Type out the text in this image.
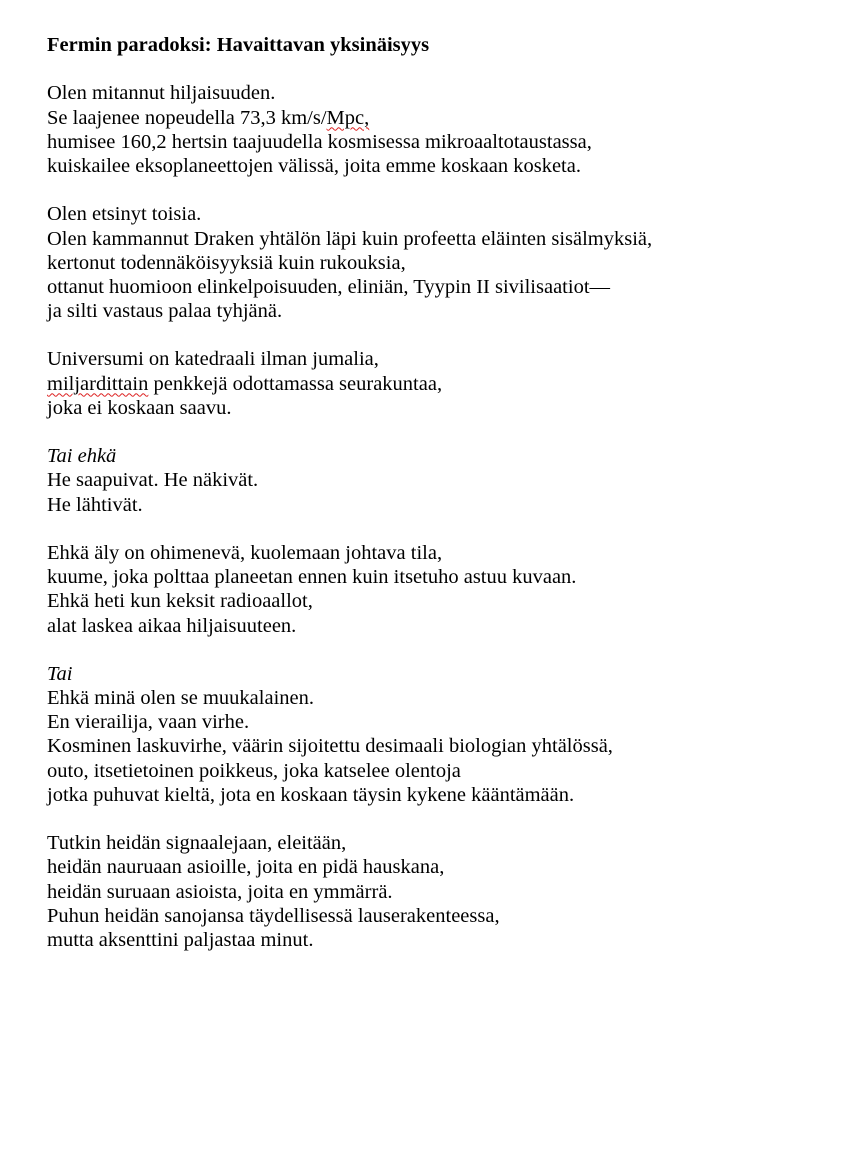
Fermin paradoksi: Havaittavan yksinäisyys

Olen mitannut hiljaisuuden.
Se laajenee nopeudella 73,3 km/s/Mpc,
humisee 160,2 hertsin taajuudella kosmisessa mikroaaltotaustassa,
kuiskailee eksoplaneettojen välissä, joita emme koskaan kosketa.
Olen etsinyt toisia.
Olen kammannut Draken yhtälön läpi kuin profeetta eläinten sisälmyksiä,
kertonut todennäköisyyksiä kuin rukouksia,
ottanut huomioon elinkelpoisuuden, eliniän, Tyypin II sivilisaatiot—
ja silti vastaus palaa tyhjänä.
Universumi on katedraali ilman jumalia,
miljardittain penkkejä odottamassa seurakuntaa,
joka ei koskaan saavu.
Tai ehkä
He saapuivat. He näkivät.
He lähtivät.
Ehkä äly on ohimenevä, kuolemaan johtava tila,
kuume, joka polttaa planeetan ennen kuin itsetuho astuu kuvaan.
Ehkä heti kun keksit radioaallot,
alat laskea aikaa hiljaisuuteen.
Tai
Ehkä minä olen se muukalainen.
En vierailija, vaan virhe.
Kosminen laskuvirhe, väärin sijoitettu desimaali biologian yhtälössä,
outo, itsetietoinen poikkeus, joka katselee olentoja
jotka puhuvat kieltä, jota en koskaan täysin kykene kääntämään.
Tutkin heidän signaalejaan, eleitään,
heidän nauruaan asioille, joita en pidä hauskana,
heidän suruaan asioista, joita en ymmärrä.
Puhun heidän sanojansa täydellisessä lauserakenteessa,
mutta aksenttini paljastaa minut.
